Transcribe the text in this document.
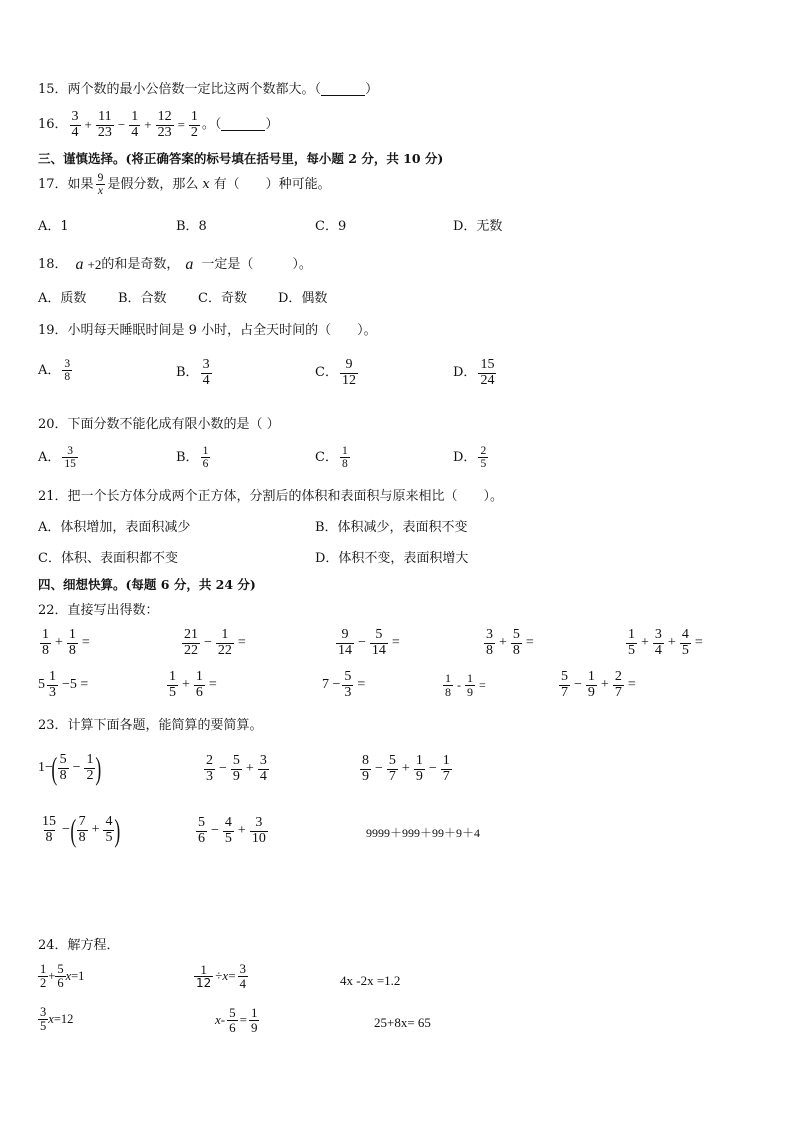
15． 两个数的最小公倍数一定比这两个数都大。（	）
16． $\frac{3}{4} + \frac{11}{23} - \frac{1}{4} + \frac{12}{23} = \frac{1}{2}$ 。（	）
三、谨慎选择。(将正确答案的标号填在括号里，每小题 2 分，共 10 分)
17． 如果 $\frac{9}{x}$ 是假分数，那么 x 有（　　）种可能。
A．1	B．8	C．9	D．无数
18． a +2 的和是奇数， a 一定是（　　　）。
A．质数 B．合数 C．奇数 D．偶数
19． 小明每天睡眠时间是 9 小时，占全天时间的（　　）。
A． $\frac{3}{8}$	B． $\frac{3}{4}$	C． $\frac{9}{12}$	D． $\frac{15}{24}$
20． 下面分数不能化成有限小数的是（ ）
A． $\frac{3}{15}$	B． $\frac{1}{6}$	C． $\frac{1}{8}$	D． $\frac{2}{5}$
21． 把一个长方体分成两个正方体，分割后的体积和表面积与原来相比（　　）。
A．体积增加，表面积减少	B．体积减少，表面积不变
C．体积、表面积都不变	D．体积不变，表面积增大
四、细想快算。(每题 6 分，共 24 分)
22． 直接写出得数：
$\frac{1}{8} + \frac{1}{8}$ =	$\frac{21}{22} - \frac{1}{22}$ =	$\frac{9}{14} - \frac{5}{14}$ =	$\frac{3}{8} + \frac{5}{8}$ =	$\frac{1}{5} + \frac{3}{4} + \frac{4}{5}$ =
$5 \frac{1}{3} -5$ =	$\frac{1}{5} + \frac{1}{6}$ =	$7 - \frac{5}{3}$ =	$\frac{1}{8} - \frac{1}{9}$ =	$\frac{5}{7} - \frac{1}{9} + \frac{2}{7}$ =
23． 计算下面各题，能简算的要简算。
1−
( $\frac{5}{8} - \frac{1}{2}$ )	$\frac{2}{3} - \frac{5}{9} + \frac{3}{4}$	$\frac{8}{9} - \frac{5}{7} + \frac{1}{9} - \frac{1}{7}$
$\frac{15}{8}$ − ( $\frac{7}{8} + \frac{4}{5}$ )	$\frac{5}{6} - \frac{4}{5} + \frac{3}{10}$	9999＋999＋99＋9＋4
24． 解方程．
$\frac{1}{2} + \frac{5}{6}$ x =1	$\frac{1}{12} \div x = \frac{3}{4}$	4x -2x =1.2
$\frac{3}{5}$ x =12	$x - \frac{5}{6} = \frac{1}{9}$	25+8x= 65
